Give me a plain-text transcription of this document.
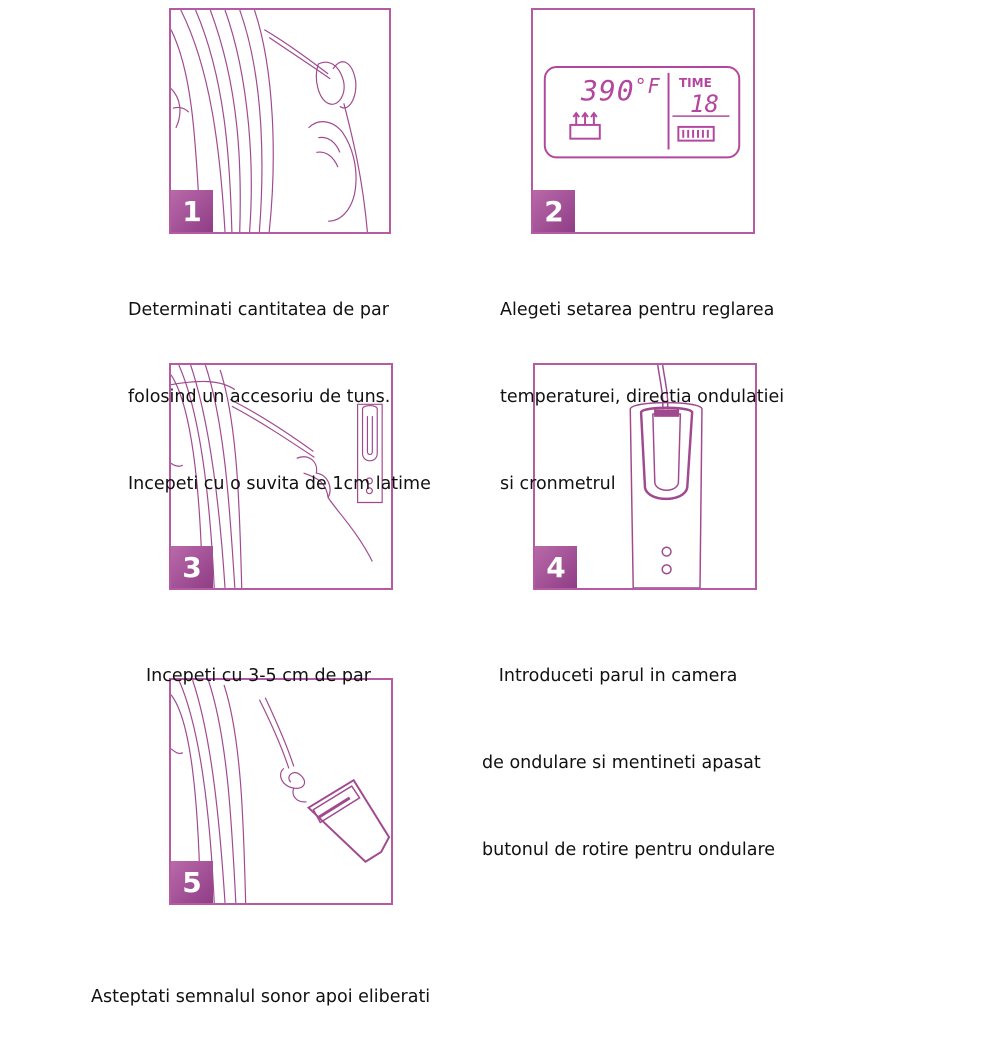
1
$390^{^\circ F}$ TIME
18
2
3	4
5

Determinati cantitatea de par

folosind un accesoriu de tuns.

Incepeti cu o suvita de 1cm latime

Alegeti setarea pentru reglarea

temperaturei, directia ondulatiei

si cronmetrul

Incepeti cu 3-5 cm de par

	Introduceti parul in camera

de ondulare si mentineti apasat

butonul de rotire pentru ondulare

Asteptati semnalul sonor apoi eliberati
